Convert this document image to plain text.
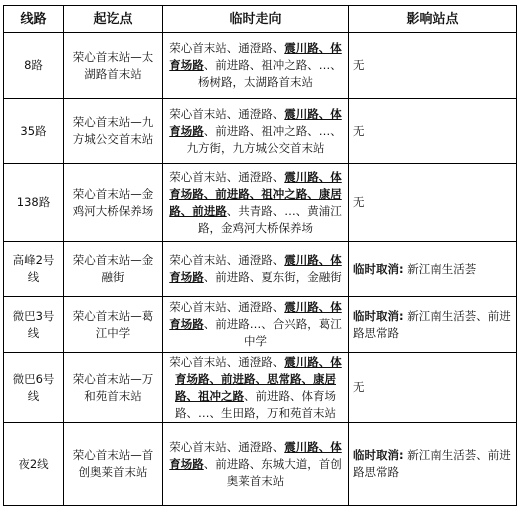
线路	起讫点	临时走向	影响站点
8路	荣心首末站—太湖路首末站	荣心首末站、通澄路、震川路、体育场路、前进路、祖冲之路、…、杨树路，太湖路首末站	无
35路	荣心首末站—九方城公交首末站	荣心首末站、通澄路、震川路、体育场路、前进路、祖冲之路、…、九方街，九方城公交首末站	无
138路	荣心首末站—金鸡河大桥保养场	荣心首末站、通澄路、震川路、体育场路、前进路、祖冲之路、康居路、前进路、共青路、…、黄浦江路，金鸡河大桥保养场	无
高峰2号线	荣心首末站—金融街	荣心首末站、通澄路、震川路、体育场路、前进路、夏东街，金融街	临时取消: 新江南生活荟
微巴3号线	荣心首末站—葛江中学	荣心首末站、通澄路、震川路、体育场路、前进路…、合兴路，葛江中学	临时取消: 新江南生活荟、前进路思常路
微巴6号线	荣心首末站—万和苑首末站	荣心首末站、通澄路、震川路、体育场路、前进路、思常路、康居路、祖冲之路、前进路、体育场路、…、生田路，万和苑首末站	无
夜2线	荣心首末站—首创奥莱首末站	荣心首末站、通澄路、震川路、体育场路、前进路、东城大道，首创奥莱首末站	临时取消: 新江南生活荟、前进路思常路
